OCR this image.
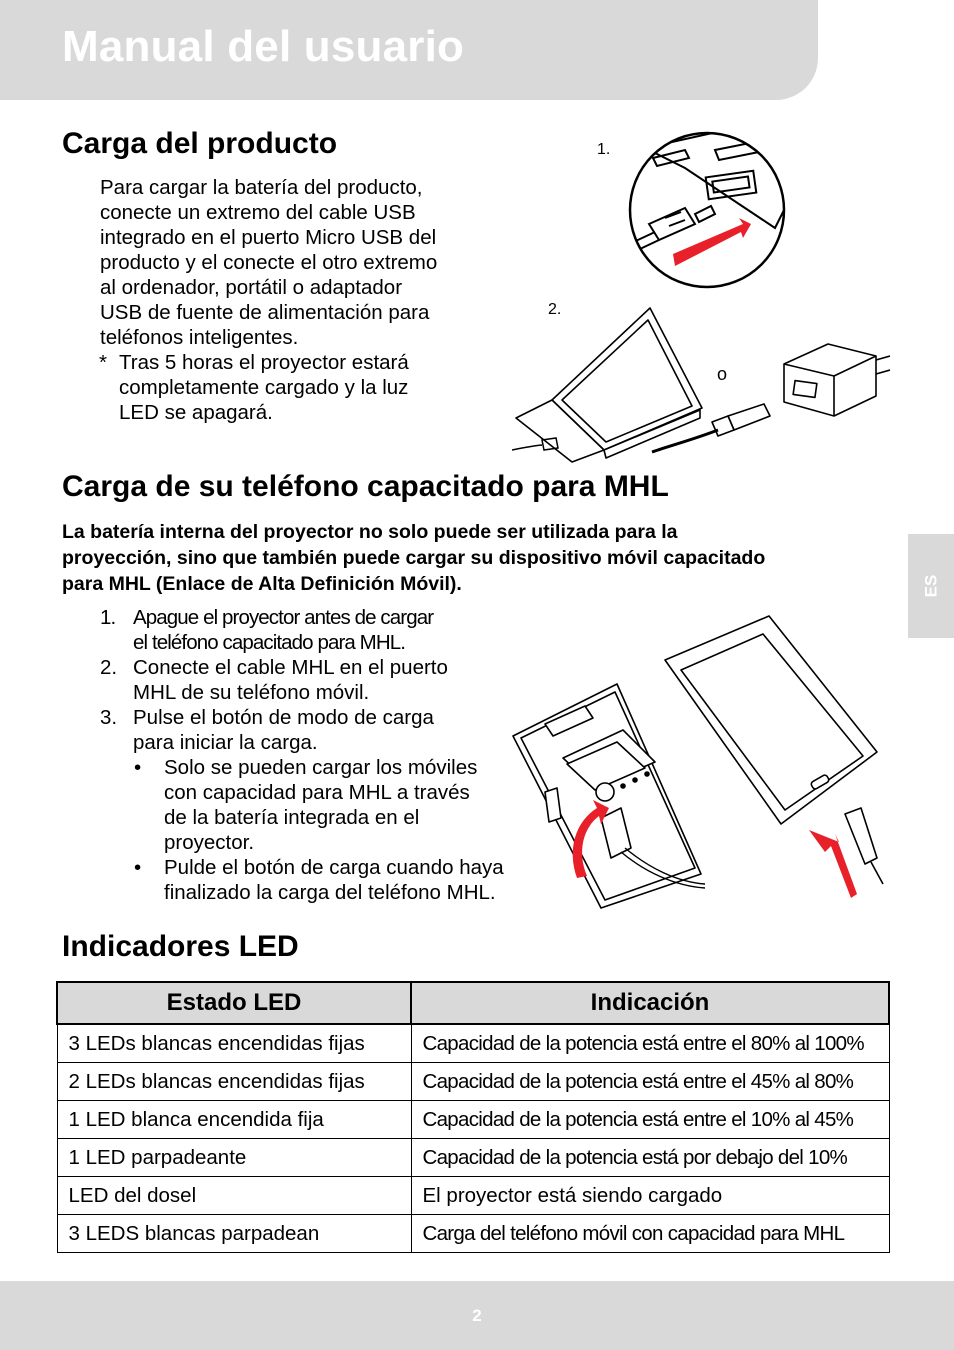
Manual del usuario
Carga del producto
Para cargar la batería del producto,
conecte un extremo del cable USB
integrado en el puerto Micro USB del
producto y el conecte el otro extremo
al ordenador, portátil o adaptador
USB de fuente de alimentación para
teléfonos inteligentes.
* Tras 5 horas el proyector estará
completamente cargado y la luz
LED se apagará.
1.
2.
o
Carga de su teléfono capacitado para MHL
La batería interna del proyector no solo puede ser utilizada para la
proyección, sino que también puede cargar su dispositivo móvil capacitado
para MHL (Enlace de Alta Definición Móvil).
1. Apague el proyector antes de cargar
el teléfono capacitado para MHL.
2. Conecte el cable MHL en el puerto
MHL de su teléfono móvil.
3. Pulse el botón de modo de carga
para iniciar la carga.
• Solo se pueden cargar los móviles
con capacidad para MHL a través
de la batería integrada en el
proyector.
• Pulde el botón de carga cuando haya
finalizado la carga del teléfono MHL.
Indicadores LED
Estado LED	Indicación
3 LEDs blancas encendidas fijas	Capacidad de la potencia está entre el 80% al 100%
2 LEDs blancas encendidas fijas	Capacidad de la potencia está entre el 45% al 80%
1 LED blanca encendida fija	Capacidad de la potencia está entre el 10% al 45%
1 LED parpadeante	Capacidad de la potencia está por debajo del 10%
LED del dosel	El proyector está siendo cargado
3 LEDS blancas parpadean	Carga del teléfono móvil con capacidad para MHL
ES
2
